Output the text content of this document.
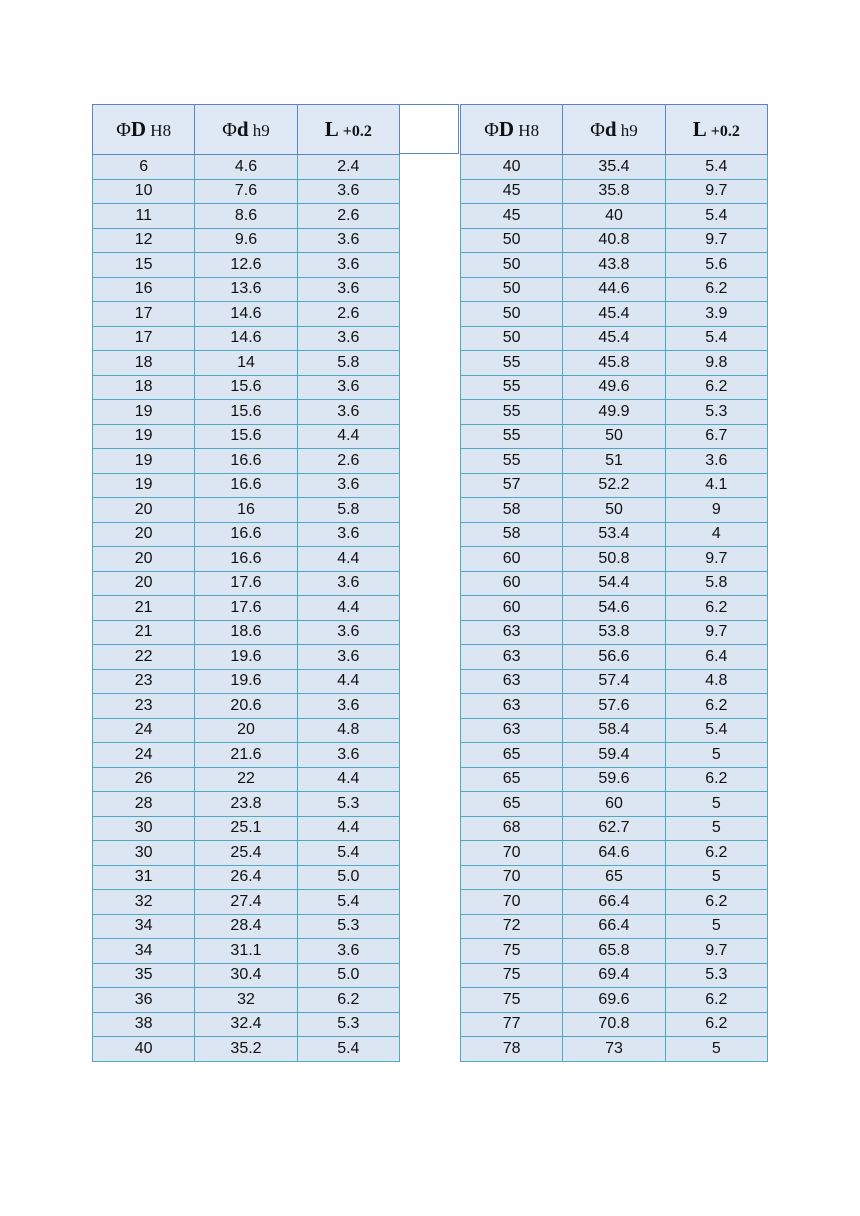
ΦD H8	Φd h9	L +0.2
6	4.6	2.4
10	7.6	3.6
11	8.6	2.6
12	9.6	3.6
15	12.6	3.6
16	13.6	3.6
17	14.6	2.6
17	14.6	3.6
18	14	5.8
18	15.6	3.6
19	15.6	3.6
19	15.6	4.4
19	16.6	2.6
19	16.6	3.6
20	16	5.8
20	16.6	3.6
20	16.6	4.4
20	17.6	3.6
21	17.6	4.4
21	18.6	3.6
22	19.6	3.6
23	19.6	4.4
23	20.6	3.6
24	20	4.8
24	21.6	3.6
26	22	4.4
28	23.8	5.3
30	25.1	4.4
30	25.4	5.4
31	26.4	5.0
32	27.4	5.4
34	28.4	5.3
34	31.1	3.6
35	30.4	5.0
36	32	6.2
38	32.4	5.3
40	35.2	5.4
ΦD H8	Φd h9	L +0.2
40	35.4	5.4
45	35.8	9.7
45	40	5.4
50	40.8	9.7
50	43.8	5.6
50	44.6	6.2
50	45.4	3.9
50	45.4	5.4
55	45.8	9.8
55	49.6	6.2
55	49.9	5.3
55	50	6.7
55	51	3.6
57	52.2	4.1
58	50	9
58	53.4	4
60	50.8	9.7
60	54.4	5.8
60	54.6	6.2
63	53.8	9.7
63	56.6	6.4
63	57.4	4.8
63	57.6	6.2
63	58.4	5.4
65	59.4	5
65	59.6	6.2
65	60	5
68	62.7	5
70	64.6	6.2
70	65	5
70	66.4	6.2
72	66.4	5
75	65.8	9.7
75	69.4	5.3
75	69.6	6.2
77	70.8	6.2
78	73	5
